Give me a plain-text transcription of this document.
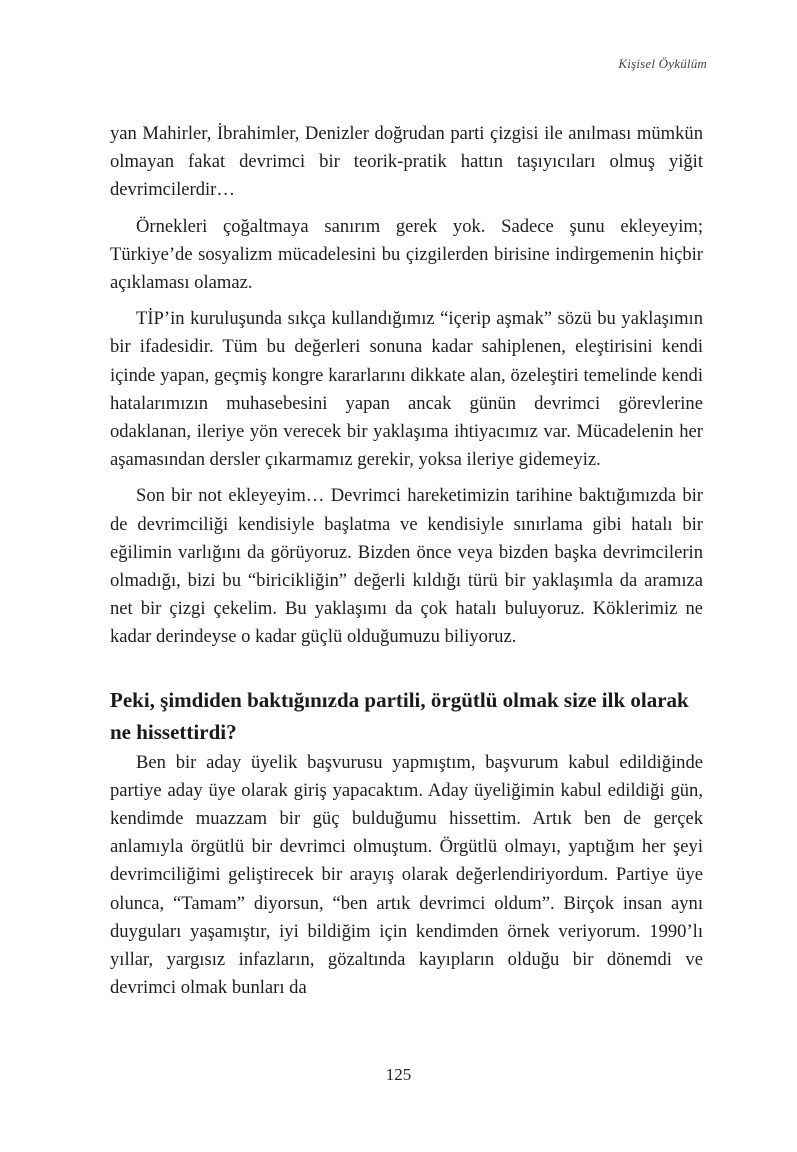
Kişisel Öykülüm

yan Mahirler, İbrahimler, Denizler doğrudan parti çizgisi ile anılması mümkün olmayan fakat devrimci bir teorik-pratik hattın taşıyıcıları olmuş yiğit devrimcilerdir…

Örnekleri çoğaltmaya sanırım gerek yok. Sadece şunu ekleyeyim; Türkiye’de sosyalizm mücadelesini bu çizgilerden birisine indirgemenin hiçbir açıklaması olamaz.

TİP’in kuruluşunda sıkça kullandığımız “içerip aşmak” sözü bu yaklaşımın bir ifadesidir. Tüm bu değerleri sonuna kadar sahiplenen, eleştirisini kendi içinde yapan, geçmiş kongre kararlarını dikkate alan, özeleştiri temelinde kendi hatalarımızın muhasebesini yapan ancak günün devrimci görevlerine odaklanan, ileriye yön verecek bir yaklaşıma ihtiyacımız var. Mücadelenin her aşamasından dersler çıkarmamız gerekir, yoksa ileriye gidemeyiz.

Son bir not ekleyeyim… Devrimci hareketimizin tarihine baktığımızda bir de devrimciliği kendisiyle başlatma ve kendisiyle sınırlama gibi hatalı bir eğilimin varlığını da görüyoruz. Bizden önce veya bizden başka devrimcilerin olmadığı, bizi bu “biricikliğin” değerli kıldığı türü bir yaklaşımla da aramıza net bir çizgi çekelim. Bu yaklaşımı da çok hatalı buluyoruz. Köklerimiz ne kadar derindeyse o kadar güçlü olduğumuzu biliyoruz.

Peki, şimdiden baktığınızda partili, örgütlü olmak size ilk olarak ne hissettirdi?

Ben bir aday üyelik başvurusu yapmıştım, başvurum kabul edildiğinde partiye aday üye olarak giriş yapacaktım. Aday üyeliğimin kabul edildiği gün, kendimde muazzam bir güç bulduğumu hissettim. Artık ben de gerçek anlamıyla örgütlü bir devrimci olmuştum. Örgütlü olmayı, yaptığım her şeyi devrimciliğimi geliştirecek bir arayış olarak değerlendiriyordum. Partiye üye olunca, “Tamam” diyorsun, “ben artık devrimci oldum”. Birçok insan aynı duyguları yaşamıştır, iyi bildiğim için kendimden örnek veriyorum. 1990’lı yıllar, yargısız infazların, gözaltında kayıpların olduğu bir dönemdi ve devrimci olmak bunları da

125
